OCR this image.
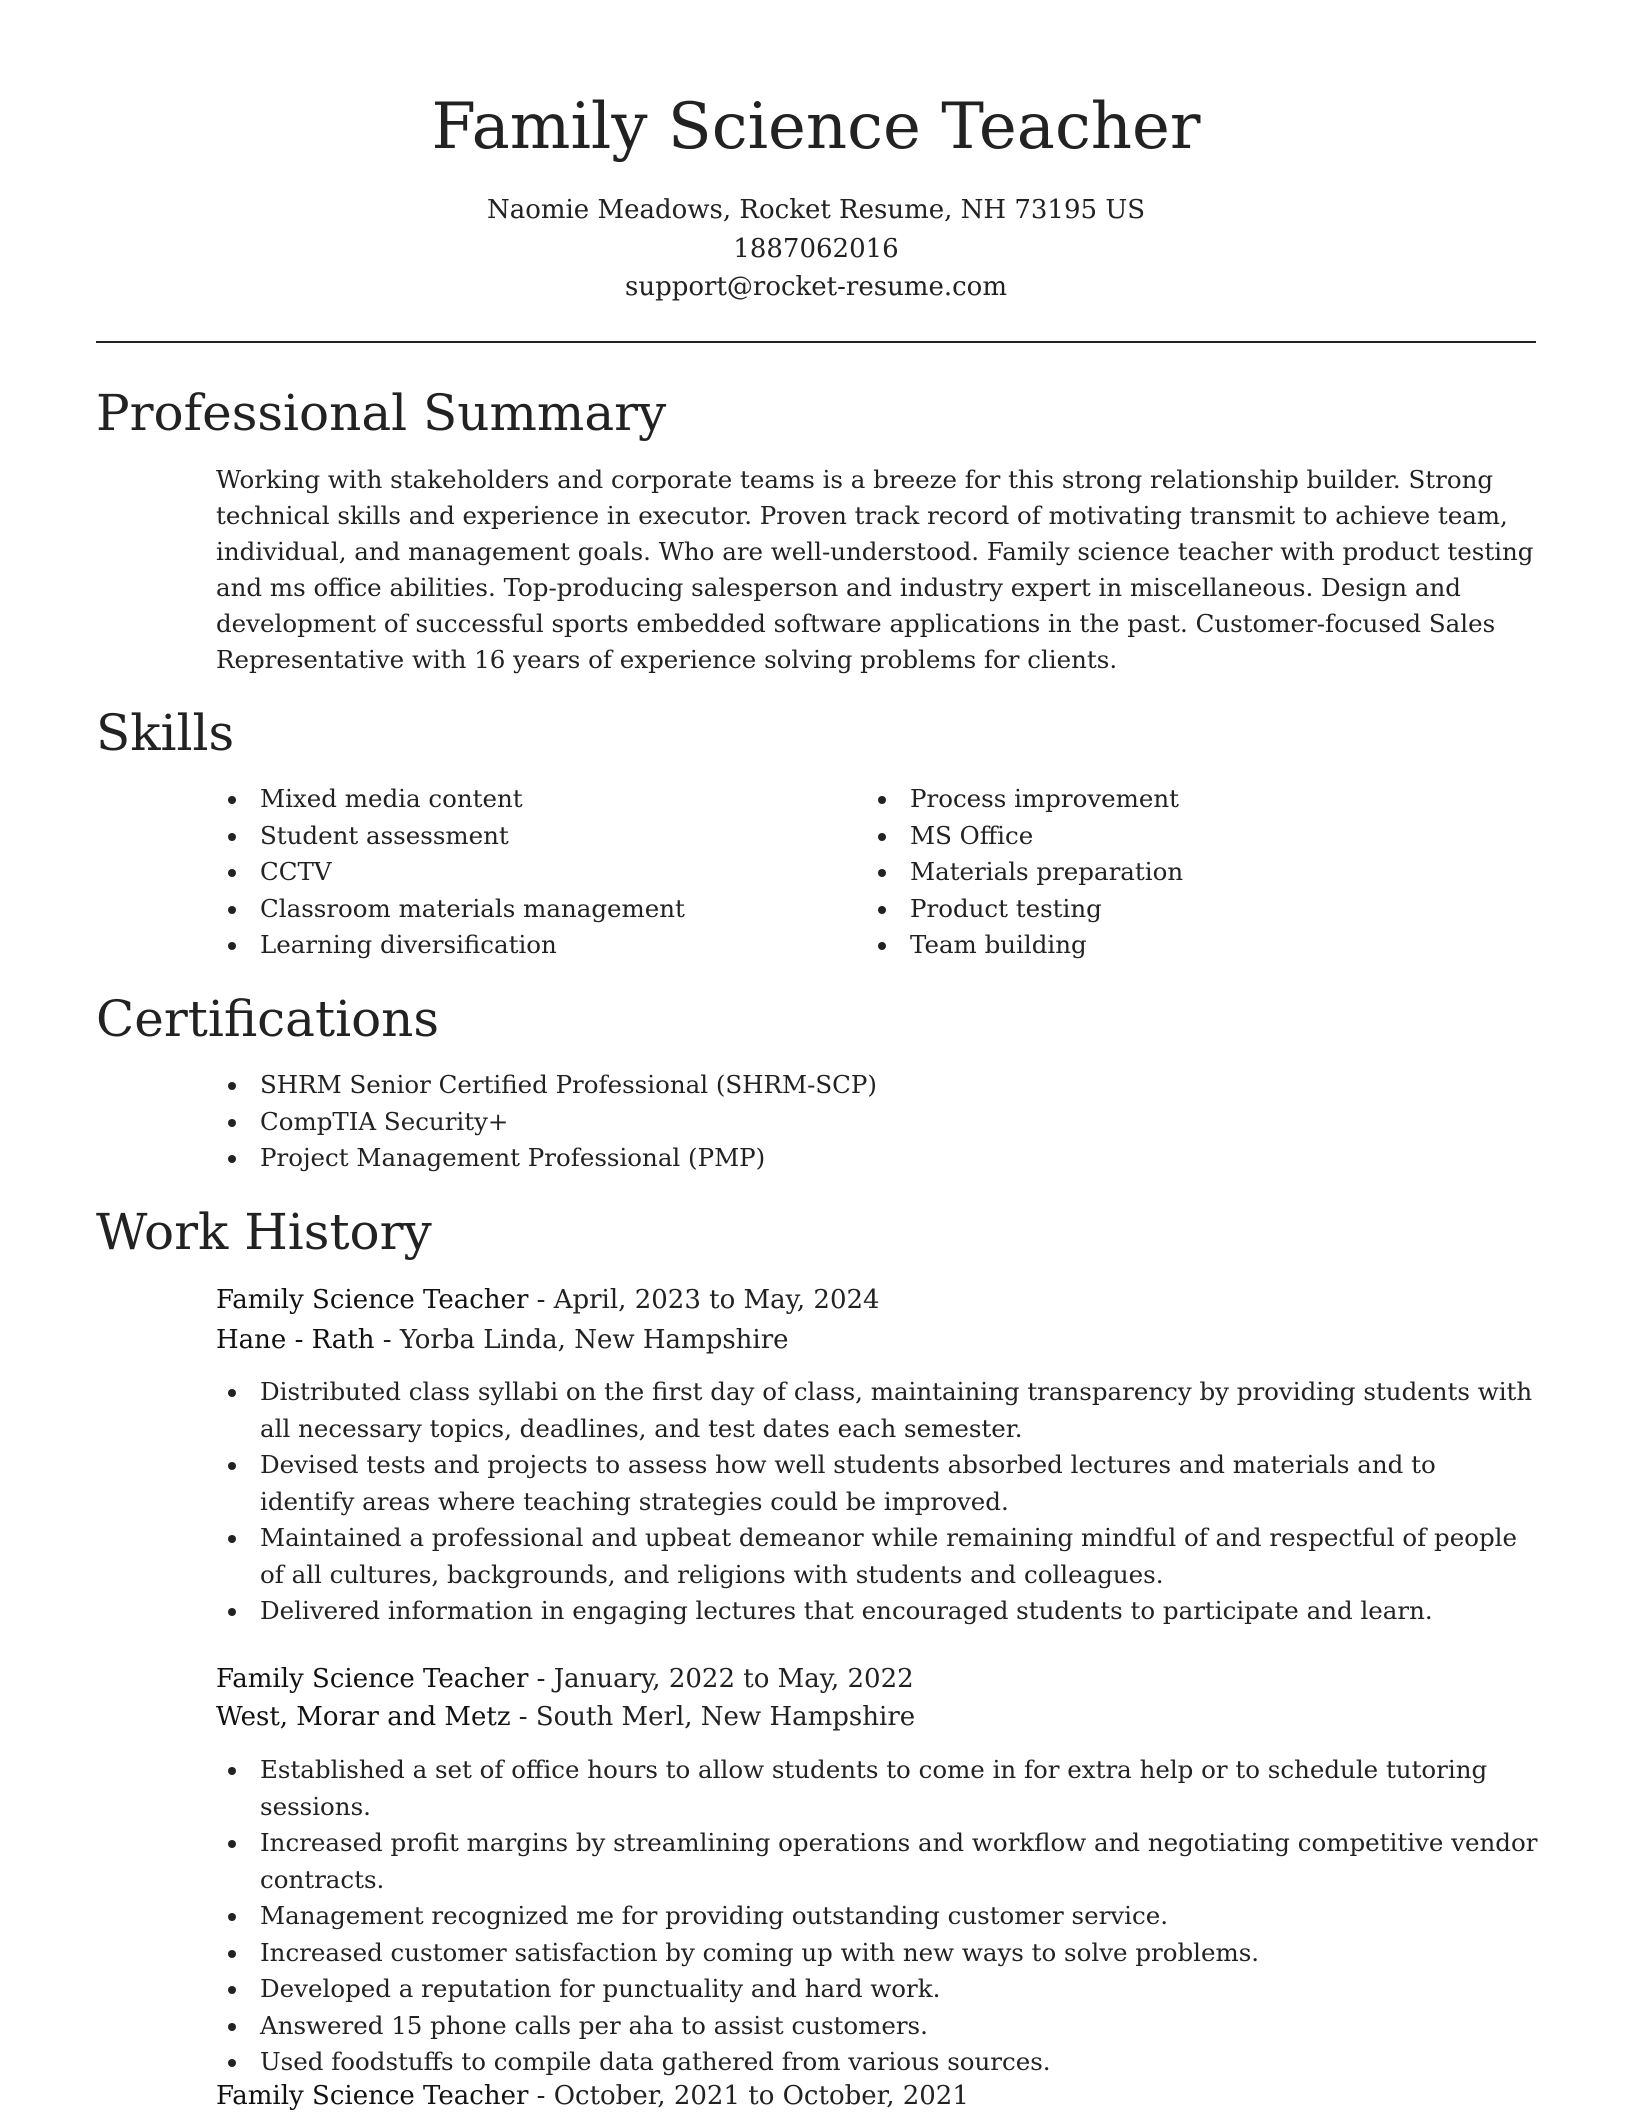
Family Science Teacher
Naomie Meadows, Rocket Resume, NH 73195 US
1887062016
support@rocket-resume.com
Professional Summary

Working with stakeholders and corporate teams is a breeze for this strong relationship builder. Strong technical skills and experience in executor. Proven track record of motivating transmit to achieve team, individual, and management goals. Who are well-understood. Family science teacher with product testing and ms office abilities. Top-producing salesperson and industry expert in miscellaneous. Design and development of successful sports embedded software applications in the past. Customer-focused Sales Representative with 16 years of experience solving problems for clients.

Skills
Mixed media content
Student assessment
CCTV
Classroom materials management
Learning diversification
Process improvement
MS Office
Materials preparation
Product testing
Team building
Certifications
SHRM Senior Certified Professional (SHRM-SCP)
CompTIA Security+
Project Management Professional (PMP)
Work History
Family Science Teacher - April, 2023 to May, 2024
Hane - Rath - Yorba Linda, New Hampshire
Distributed class syllabi on the first day of class, maintaining transparency by providing students with all necessary topics, deadlines, and test dates each semester.
Devised tests and projects to assess how well students absorbed lectures and materials and to identify areas where teaching strategies could be improved.
Maintained a professional and upbeat demeanor while remaining mindful of and respectful of people of all cultures, backgrounds, and religions with students and colleagues.
Delivered information in engaging lectures that encouraged students to participate and learn.
Family Science Teacher - January, 2022 to May, 2022
West, Morar and Metz - South Merl, New Hampshire
Established a set of office hours to allow students to come in for extra help or to schedule tutoring sessions.
Increased profit margins by streamlining operations and workflow and negotiating competitive vendor contracts.
Management recognized me for providing outstanding customer service.
Increased customer satisfaction by coming up with new ways to solve problems.
Developed a reputation for punctuality and hard work.
Answered 15 phone calls per aha to assist customers.
Used foodstuffs to compile data gathered from various sources.
Family Science Teacher - October, 2021 to October, 2021
